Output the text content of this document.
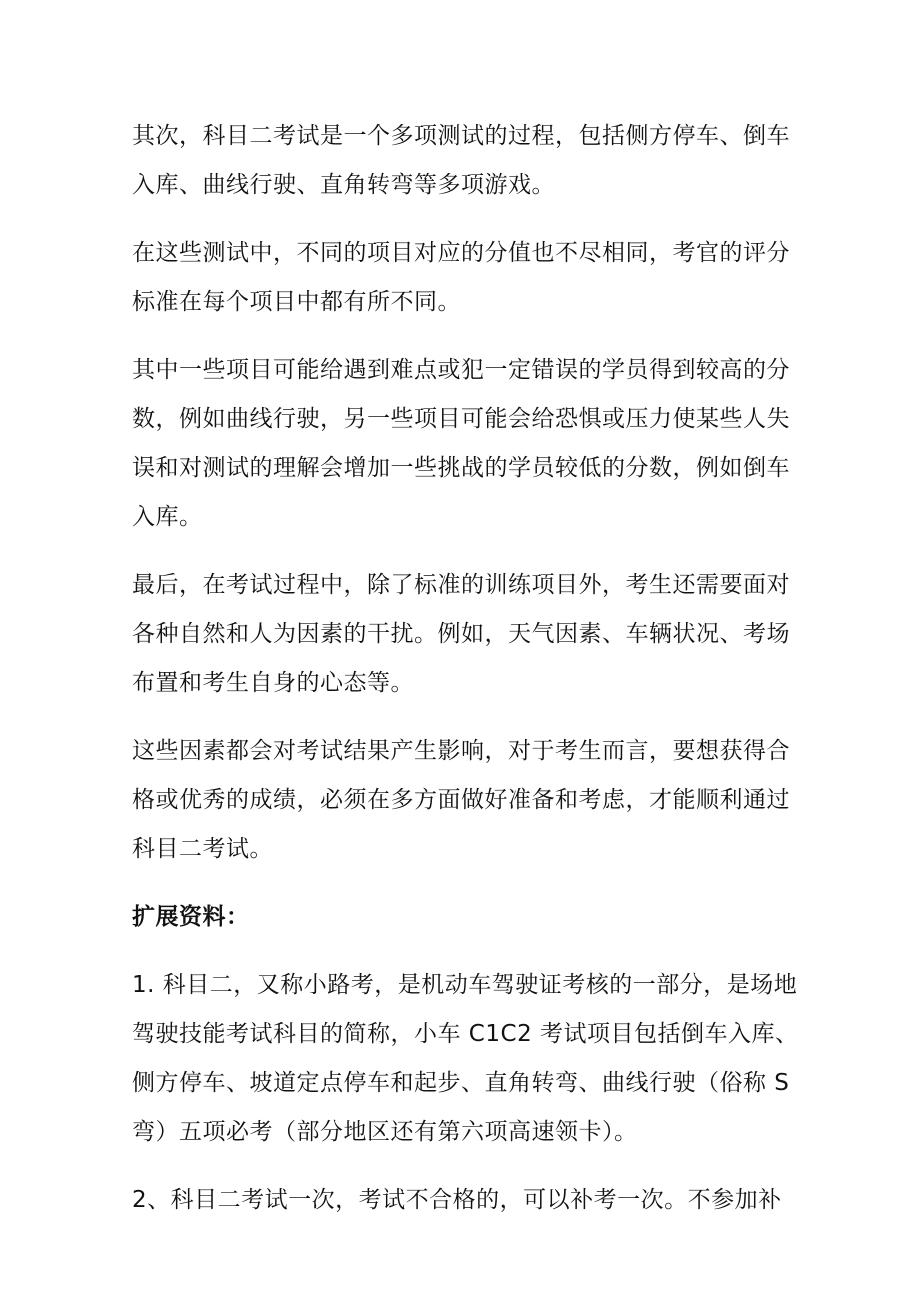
其次，科目二考试是一个多项测试的过程，包括侧方停车、倒车入库、曲线行驶、直角转弯等多项游戏。

在这些测试中，不同的项目对应的分值也不尽相同，考官的评分标准在每个项目中都有所不同。

其中一些项目可能给遇到难点或犯一定错误的学员得到较高的分数，例如曲线行驶，另一些项目可能会给恐惧或压力使某些人失误和对测试的理解会增加一些挑战的学员较低的分数，例如倒车入库。

最后，在考试过程中，除了标准的训练项目外，考生还需要面对各种自然和人为因素的干扰。例如，天气因素、车辆状况、考场布置和考生自身的心态等。

这些因素都会对考试结果产生影响，对于考生而言，要想获得合格或优秀的成绩，必须在多方面做好准备和考虑，才能顺利通过科目二考试。

扩展资料：

1. 科目二，又称小路考，是机动车驾驶证考核的一部分，是场地驾驶技能考试科目的简称，小车 C1C2 考试项目包括倒车入库、侧方停车、坡道定点停车和起步、直角转弯、曲线行驶（俗称 S 弯）五项必考（部分地区还有第六项高速领卡）。

2、科目二考试一次，考试不合格的，可以补考一次。不参加补
